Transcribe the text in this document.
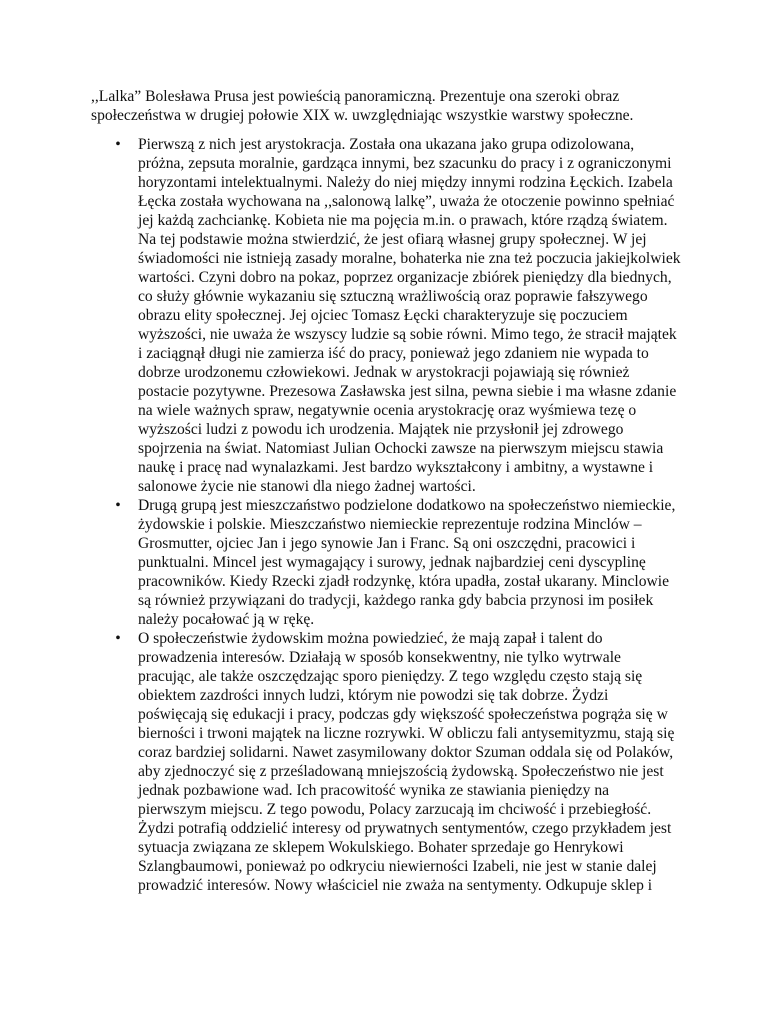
,,Lalka” Bolesława Prusa jest powieścią panoramiczną. Prezentuje ona szeroki obraz
społeczeństwa w drugiej połowie XIX w. uwzględniając wszystkie warstwy społeczne.

• Pierwszą z nich jest arystokracja. Została ona ukazana jako grupa odizolowana,
próżna, zepsuta moralnie, gardząca innymi, bez szacunku do pracy i z ograniczonymi
horyzontami intelektualnymi. Należy do niej między innymi rodzina Łęckich. Izabela
Łęcka została wychowana na ,,salonową lalkę”, uważa że otoczenie powinno spełniać
jej każdą zachciankę. Kobieta nie ma pojęcia m.in. o prawach, które rządzą światem.
Na tej podstawie można stwierdzić, że jest ofiarą własnej grupy społecznej. W jej
świadomości nie istnieją zasady moralne, bohaterka nie zna też poczucia jakiejkolwiek
wartości. Czyni dobro na pokaz, poprzez organizacje zbiórek pieniędzy dla biednych,
co służy głównie wykazaniu się sztuczną wrażliwością oraz poprawie fałszywego
obrazu elity społecznej. Jej ojciec Tomasz Łęcki charakteryzuje się poczuciem
wyższości, nie uważa że wszyscy ludzie są sobie równi. Mimo tego, że stracił majątek
i zaciągnął długi nie zamierza iść do pracy, ponieważ jego zdaniem nie wypada to
dobrze urodzonemu człowiekowi. Jednak w arystokracji pojawiają się również
postacie pozytywne. Prezesowa Zasławska jest silna, pewna siebie i ma własne zdanie
na wiele ważnych spraw, negatywnie ocenia arystokrację oraz wyśmiewa tezę o
wyższości ludzi z powodu ich urodzenia. Majątek nie przysłonił jej zdrowego
spojrzenia na świat. Natomiast Julian Ochocki zawsze na pierwszym miejscu stawia
naukę i pracę nad wynalazkami. Jest bardzo wykształcony i ambitny, a wystawne i
salonowe życie nie stanowi dla niego żadnej wartości.
• Drugą grupą jest mieszczaństwo podzielone dodatkowo na społeczeństwo niemieckie,
żydowskie i polskie. Mieszczaństwo niemieckie reprezentuje rodzina Minclów –
Grosmutter, ojciec Jan i jego synowie Jan i Franc. Są oni oszczędni, pracowici i
punktualni. Mincel jest wymagający i surowy, jednak najbardziej ceni dyscyplinę
pracowników. Kiedy Rzecki zjadł rodzynkę, która upadła, został ukarany. Minclowie
są również przywiązani do tradycji, każdego ranka gdy babcia przynosi im posiłek
należy pocałować ją w rękę.
• O społeczeństwie żydowskim można powiedzieć, że mają zapał i talent do
prowadzenia interesów. Działają w sposób konsekwentny, nie tylko wytrwale
pracując, ale także oszczędzając sporo pieniędzy. Z tego względu często stają się
obiektem zazdrości innych ludzi, którym nie powodzi się tak dobrze. Żydzi
poświęcają się edukacji i pracy, podczas gdy większość społeczeństwa pogrąża się w
bierności i trwoni majątek na liczne rozrywki. W obliczu fali antysemityzmu, stają się
coraz bardziej solidarni. Nawet zasymilowany doktor Szuman oddala się od Polaków,
aby zjednoczyć się z prześladowaną mniejszością żydowską. Społeczeństwo nie jest
jednak pozbawione wad. Ich pracowitość wynika ze stawiania pieniędzy na
pierwszym miejscu. Z tego powodu, Polacy zarzucają im chciwość i przebiegłość.
Żydzi potrafią oddzielić interesy od prywatnych sentymentów, czego przykładem jest
sytuacja związana ze sklepem Wokulskiego. Bohater sprzedaje go Henrykowi
Szlangbaumowi, ponieważ po odkryciu niewierności Izabeli, nie jest w stanie dalej
prowadzić interesów. Nowy właściciel nie zważa na sentymenty. Odkupuje sklep i
